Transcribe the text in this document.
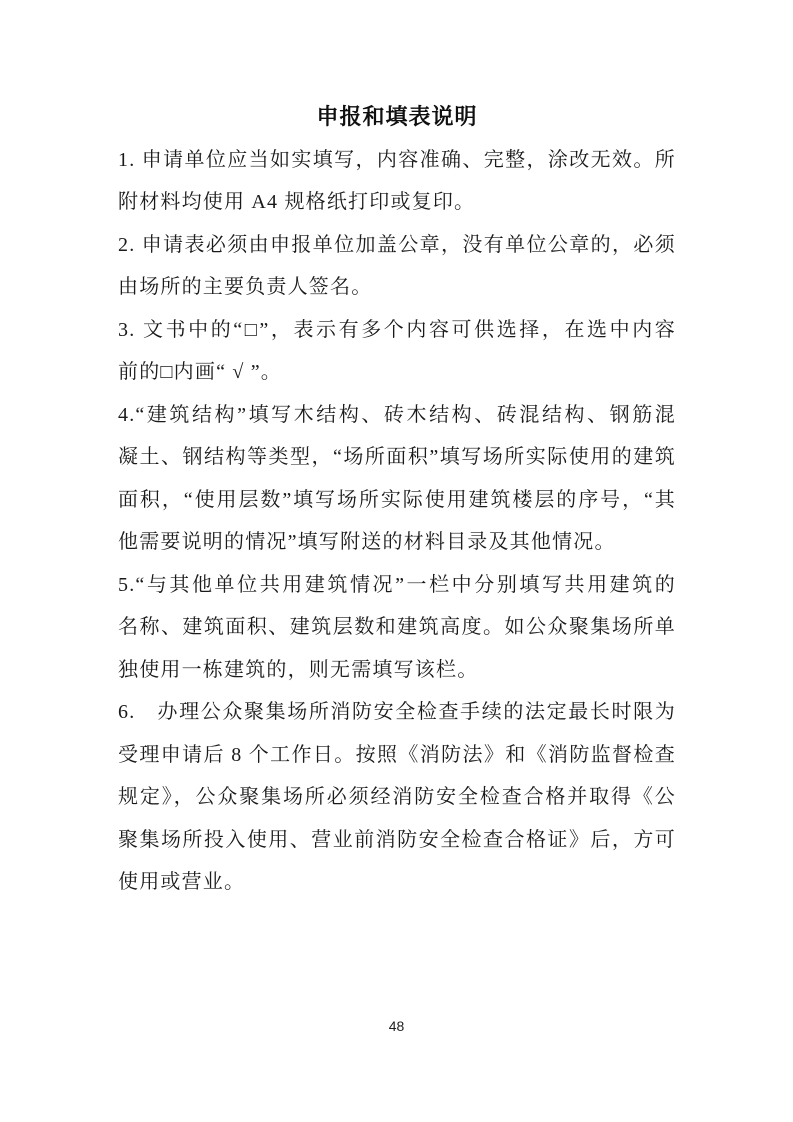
申报和填表说明
1. 申请单位应当如实填写，内容准确、完整，涂改无效。所
附材料均使用 A4 规格纸打印或复印。
2. 申请表必须由申报单位加盖公章，没有单位公章的，必须
由场所的主要负责人签名。
3. 文书中的“□”，表示有多个内容可供选择，在选中内容
前的□内画“ √ ”。
4.“建筑结构”填写木结构、砖木结构、砖混结构、钢筋混
凝土、钢结构等类型，“场所面积”填写场所实际使用的建筑
面积，“使用层数”填写场所实际使用建筑楼层的序号，“其
他需要说明的情况”填写附送的材料目录及其他情况。
5.“与其他单位共用建筑情况”一栏中分别填写共用建筑的
名称、建筑面积、建筑层数和建筑高度。如公众聚集场所单
独使用一栋建筑的，则无需填写该栏。
6.　办理公众聚集场所消防安全检查手续的法定最长时限为
受理申请后 8 个工作日。按照《消防法》和《消防监督检查
规定》，公众聚集场所必须经消防安全检查合格并取得《公
聚集场所投入使用、营业前消防安全检查合格证》后，方可
使用或营业。
48
